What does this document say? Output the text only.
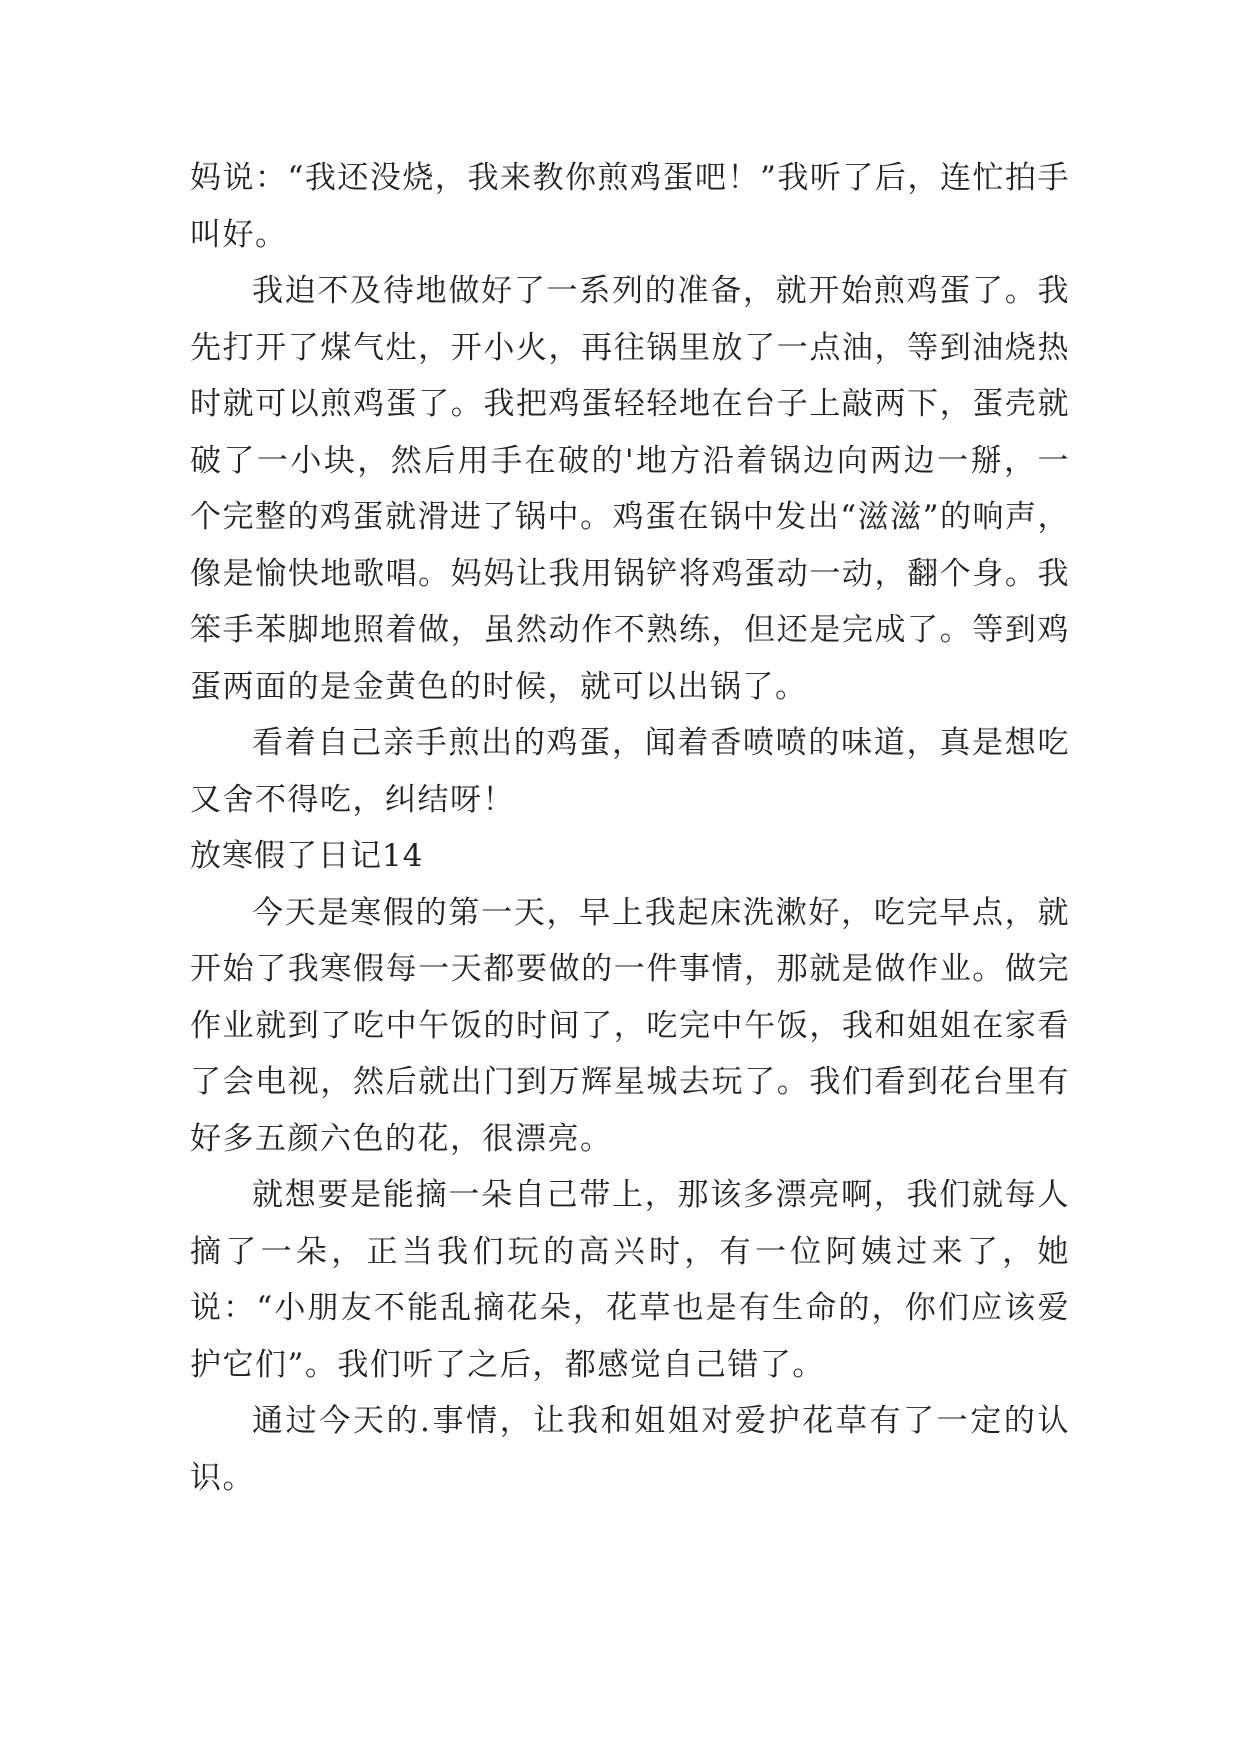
妈说：“我还没烧，我来教你煎鸡蛋吧！”我听了后，连忙拍手叫好。

我迫不及待地做好了一系列的准备，就开始煎鸡蛋了。我先打开了煤气灶，开小火，再往锅里放了一点油，等到油烧热时就可以煎鸡蛋了。我把鸡蛋轻轻地在台子上敲两下，蛋壳就破了一小块，然后用手在破的'地方沿着锅边向两边一掰，一个完整的鸡蛋就滑进了锅中。鸡蛋在锅中发出“滋滋”的响声，像是愉快地歌唱。妈妈让我用锅铲将鸡蛋动一动，翻个身。我笨手苯脚地照着做，虽然动作不熟练，但还是完成了。等到鸡蛋两面的是金黄色的时候，就可以出锅了。

看着自己亲手煎出的鸡蛋，闻着香喷喷的味道，真是想吃又舍不得吃，纠结呀！

放寒假了日记14

今天是寒假的第一天，早上我起床洗漱好，吃完早点，就开始了我寒假每一天都要做的一件事情，那就是做作业。做完作业就到了吃中午饭的时间了，吃完中午饭，我和姐姐在家看了会电视，然后就出门到万辉星城去玩了。我们看到花台里有好多五颜六色的花，很漂亮。

就想要是能摘一朵自己带上，那该多漂亮啊，我们就每人摘了一朵，正当我们玩的高兴时，有一位阿姨过来了，她说：“小朋友不能乱摘花朵，花草也是有生命的，你们应该爱护它们”。我们听了之后，都感觉自己错了。

通过今天的.事情，让我和姐姐对爱护花草有了一定的认识。
